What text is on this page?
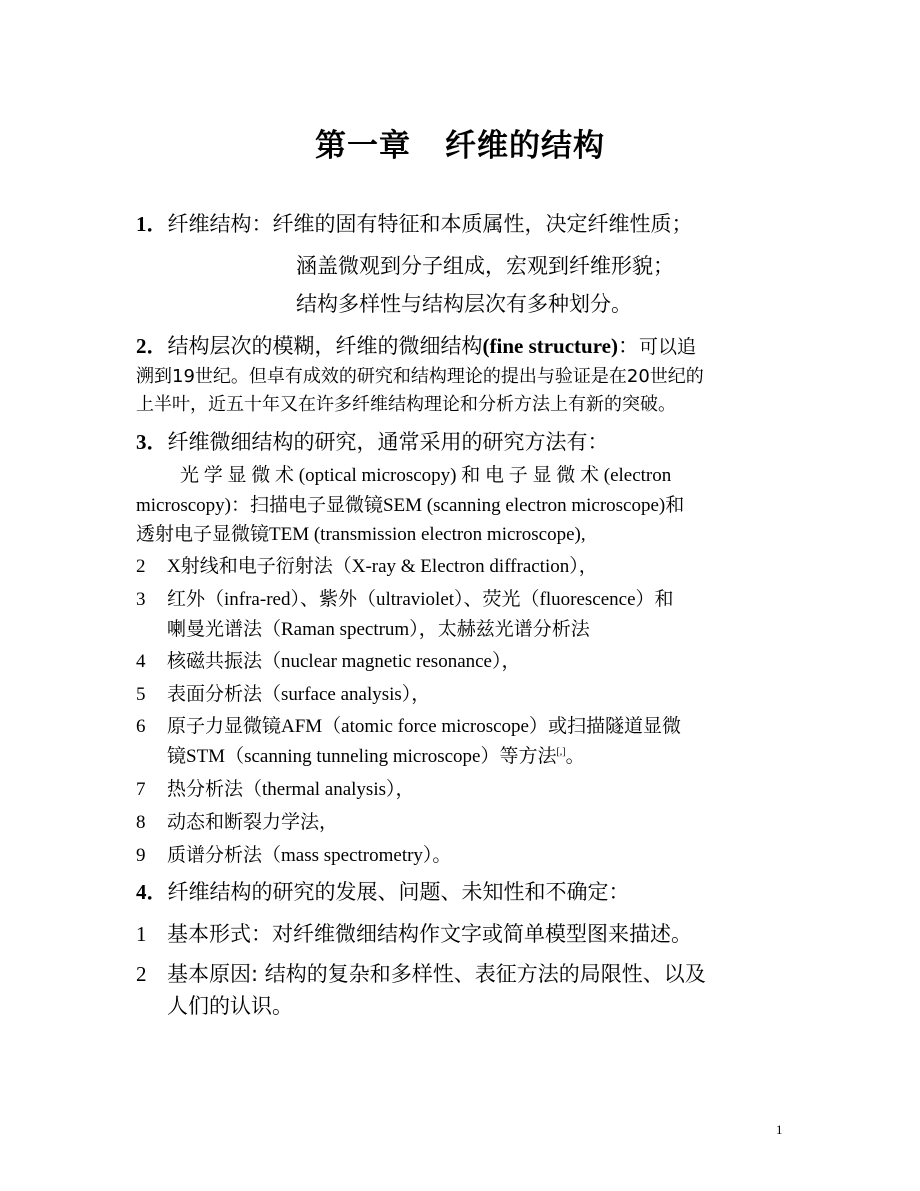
第一章 纤维的结构
1．纤维结构：纤维的固有特征和本质属性，决定纤维性质；
涵盖微观到分子组成，宏观到纤维形貌；
结构多样性与结构层次有多种划分。
2．结构层次的模糊，纤维的微细结构(fine structure)：可以追
溯到19世纪。但卓有成效的研究和结构理论的提出与验证是在20世纪的
上半叶，近五十年又在许多纤维结构理论和分析方法上有新的突破。
3．纤维微细结构的研究，通常采用的研究方法有：
光 学 显 微 术 (optical microscopy) 和 电 子 显 微 术 (electron
microscopy)：扫描电子显微镜SEM (scanning electron microscope)和
透射电子显微镜TEM (transmission electron microscope),
2 X射线和电子衍射法（X-ray & Electron diffraction），
3 红外（infra-red）、紫外（ultraviolet）、荧光（fluorescence）和
喇曼光谱法（Raman spectrum），太赫兹光谱分析法
4 核磁共振法（nuclear magnetic resonance），
5 表面分析法（surface analysis），
6 原子力显微镜AFM（atomic force microscope）或扫描隧道显微
镜STM（scanning tunneling microscope）等方法[,]。
7 热分析法（thermal analysis），
8 动态和断裂力学法，
9 质谱分析法（mass spectrometry）。
4．纤维结构的研究的发展、问题、未知性和不确定：
1 基本形式：对纤维微细结构作文字或简单模型图来描述。
2 基本原因: 结构的复杂和多样性、表征方法的局限性、以及
人们的认识。
1
